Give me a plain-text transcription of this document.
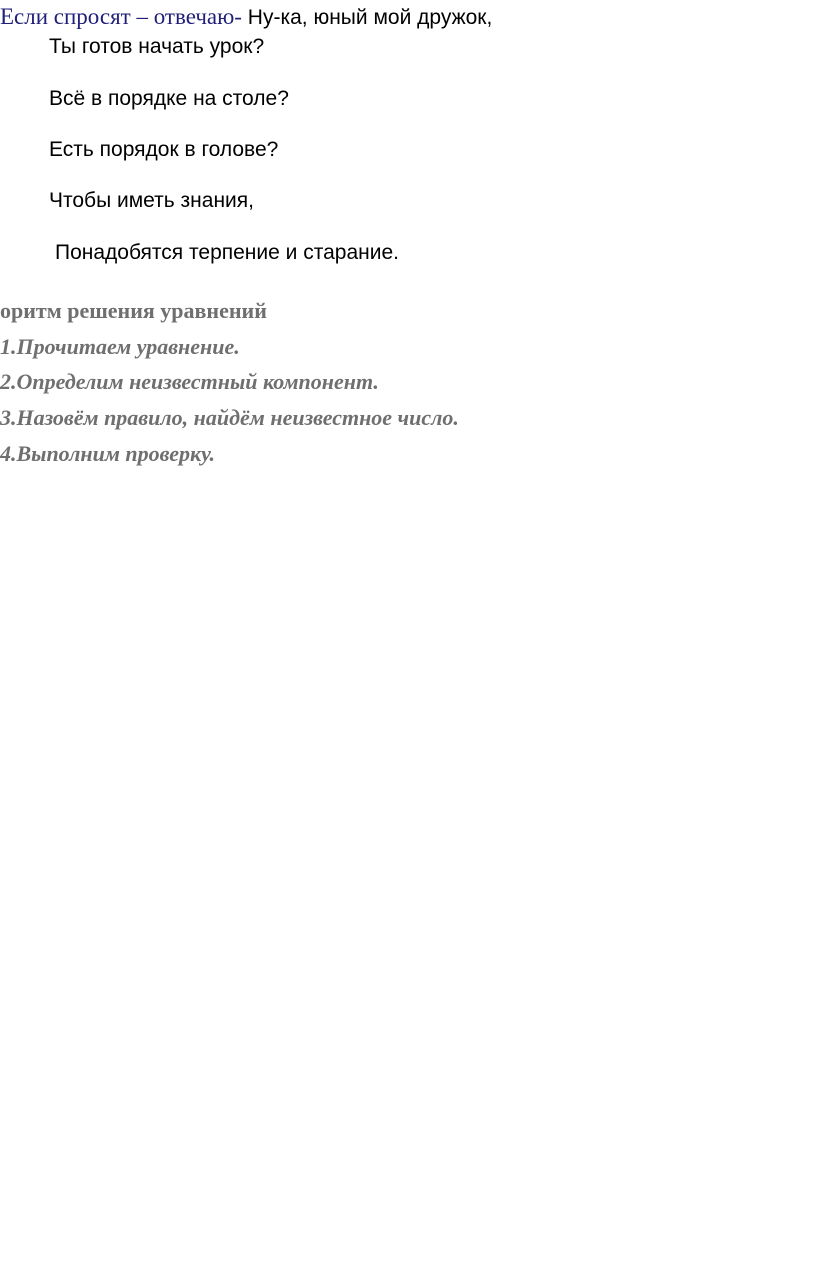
Если спросят – отвечаю- Ну-ка, юный мой дружок,
Ты готов начать урок?
Всё в порядке на столе?
Есть порядок в голове?
Чтобы иметь знания,
Понадобятся терпение и старание.
оритм решения уравнений
1.Прочитаем уравнение.
2.Определим неизвестный компонент.
3.Назовём правило, найдём неизвестное число.
4.Выполним проверку.
